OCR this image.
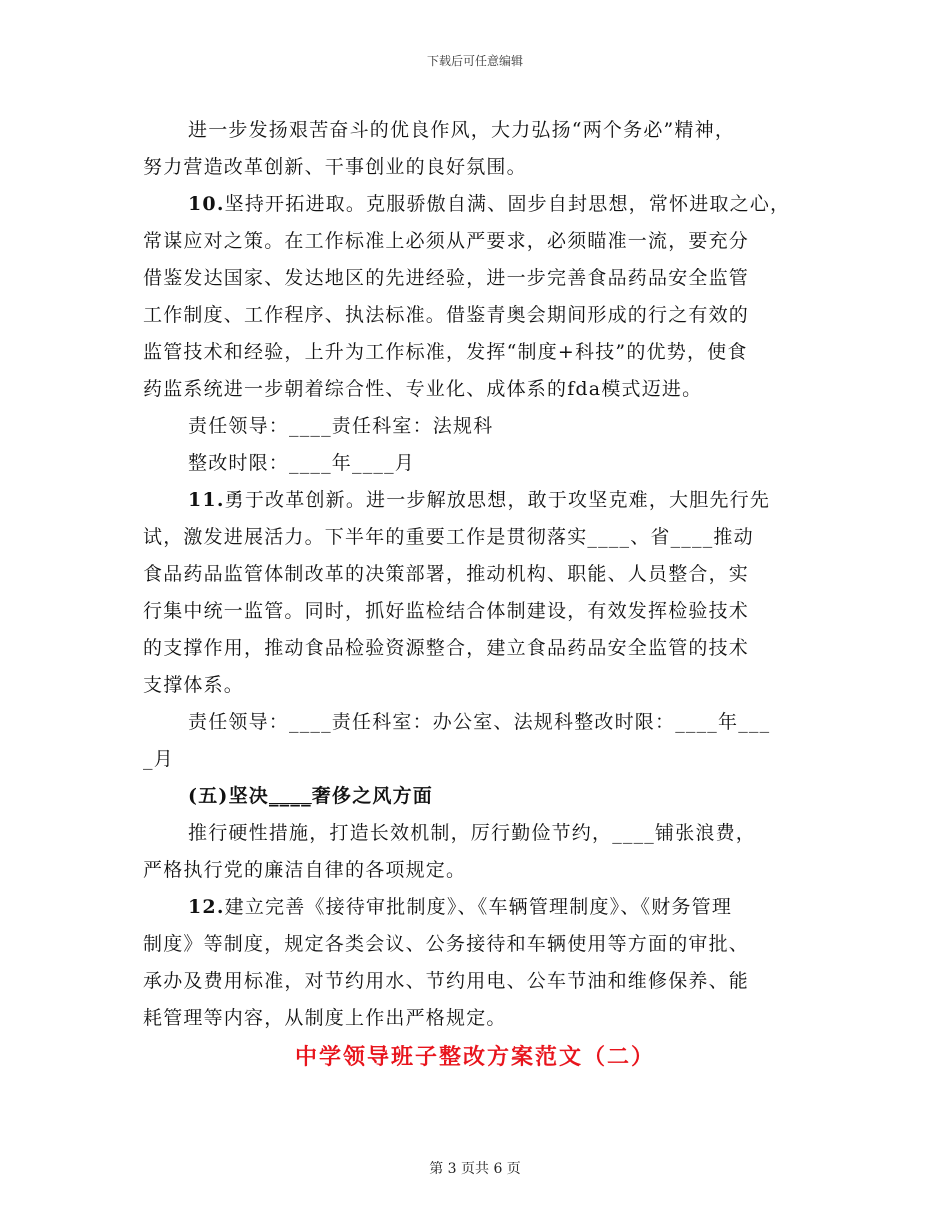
下载后可任意编辑
进一步发扬艰苦奋斗的优良作风，大力弘扬“两个务必”精神，
努力营造改革创新、干事创业的良好氛围。
10.坚持开拓进取。克服骄傲自满、固步自封思想，常怀进取之心，
常谋应对之策。在工作标准上必须从严要求，必须瞄准一流，要充分
借鉴发达国家、发达地区的先进经验，进一步完善食品药品安全监管
工作制度、工作程序、执法标准。借鉴青奥会期间形成的行之有效的
监管技术和经验，上升为工作标准，发挥“制度+科技”的优势，使食
药监系统进一步朝着综合性、专业化、成体系的fda模式迈进。
责任领导：____责任科室：法规科
整改时限：____年____月
11.勇于改革创新。进一步解放思想，敢于攻坚克难，大胆先行先
试，激发进展活力。下半年的重要工作是贯彻落实____、省____推动
食品药品监管体制改革的决策部署，推动机构、职能、人员整合，实
行集中统一监管。同时，抓好监检结合体制建设，有效发挥检验技术
的支撑作用，推动食品检验资源整合，建立食品药品安全监管的技术
支撑体系。
责任领导：____责任科室：办公室、法规科整改时限：____年___
_月
(五)坚决____奢侈之风方面
推行硬性措施，打造长效机制，厉行勤俭节约，____铺张浪费，
严格执行党的廉洁自律的各项规定。
12.建立完善《接待审批制度》、《车辆管理制度》、《财务管理
制度》等制度，规定各类会议、公务接待和车辆使用等方面的审批、
承办及费用标准，对节约用水、节约用电、公车节油和维修保养、能
耗管理等内容，从制度上作出严格规定。
中学领导班子整改方案范文（二）
第 3 页共 6 页
